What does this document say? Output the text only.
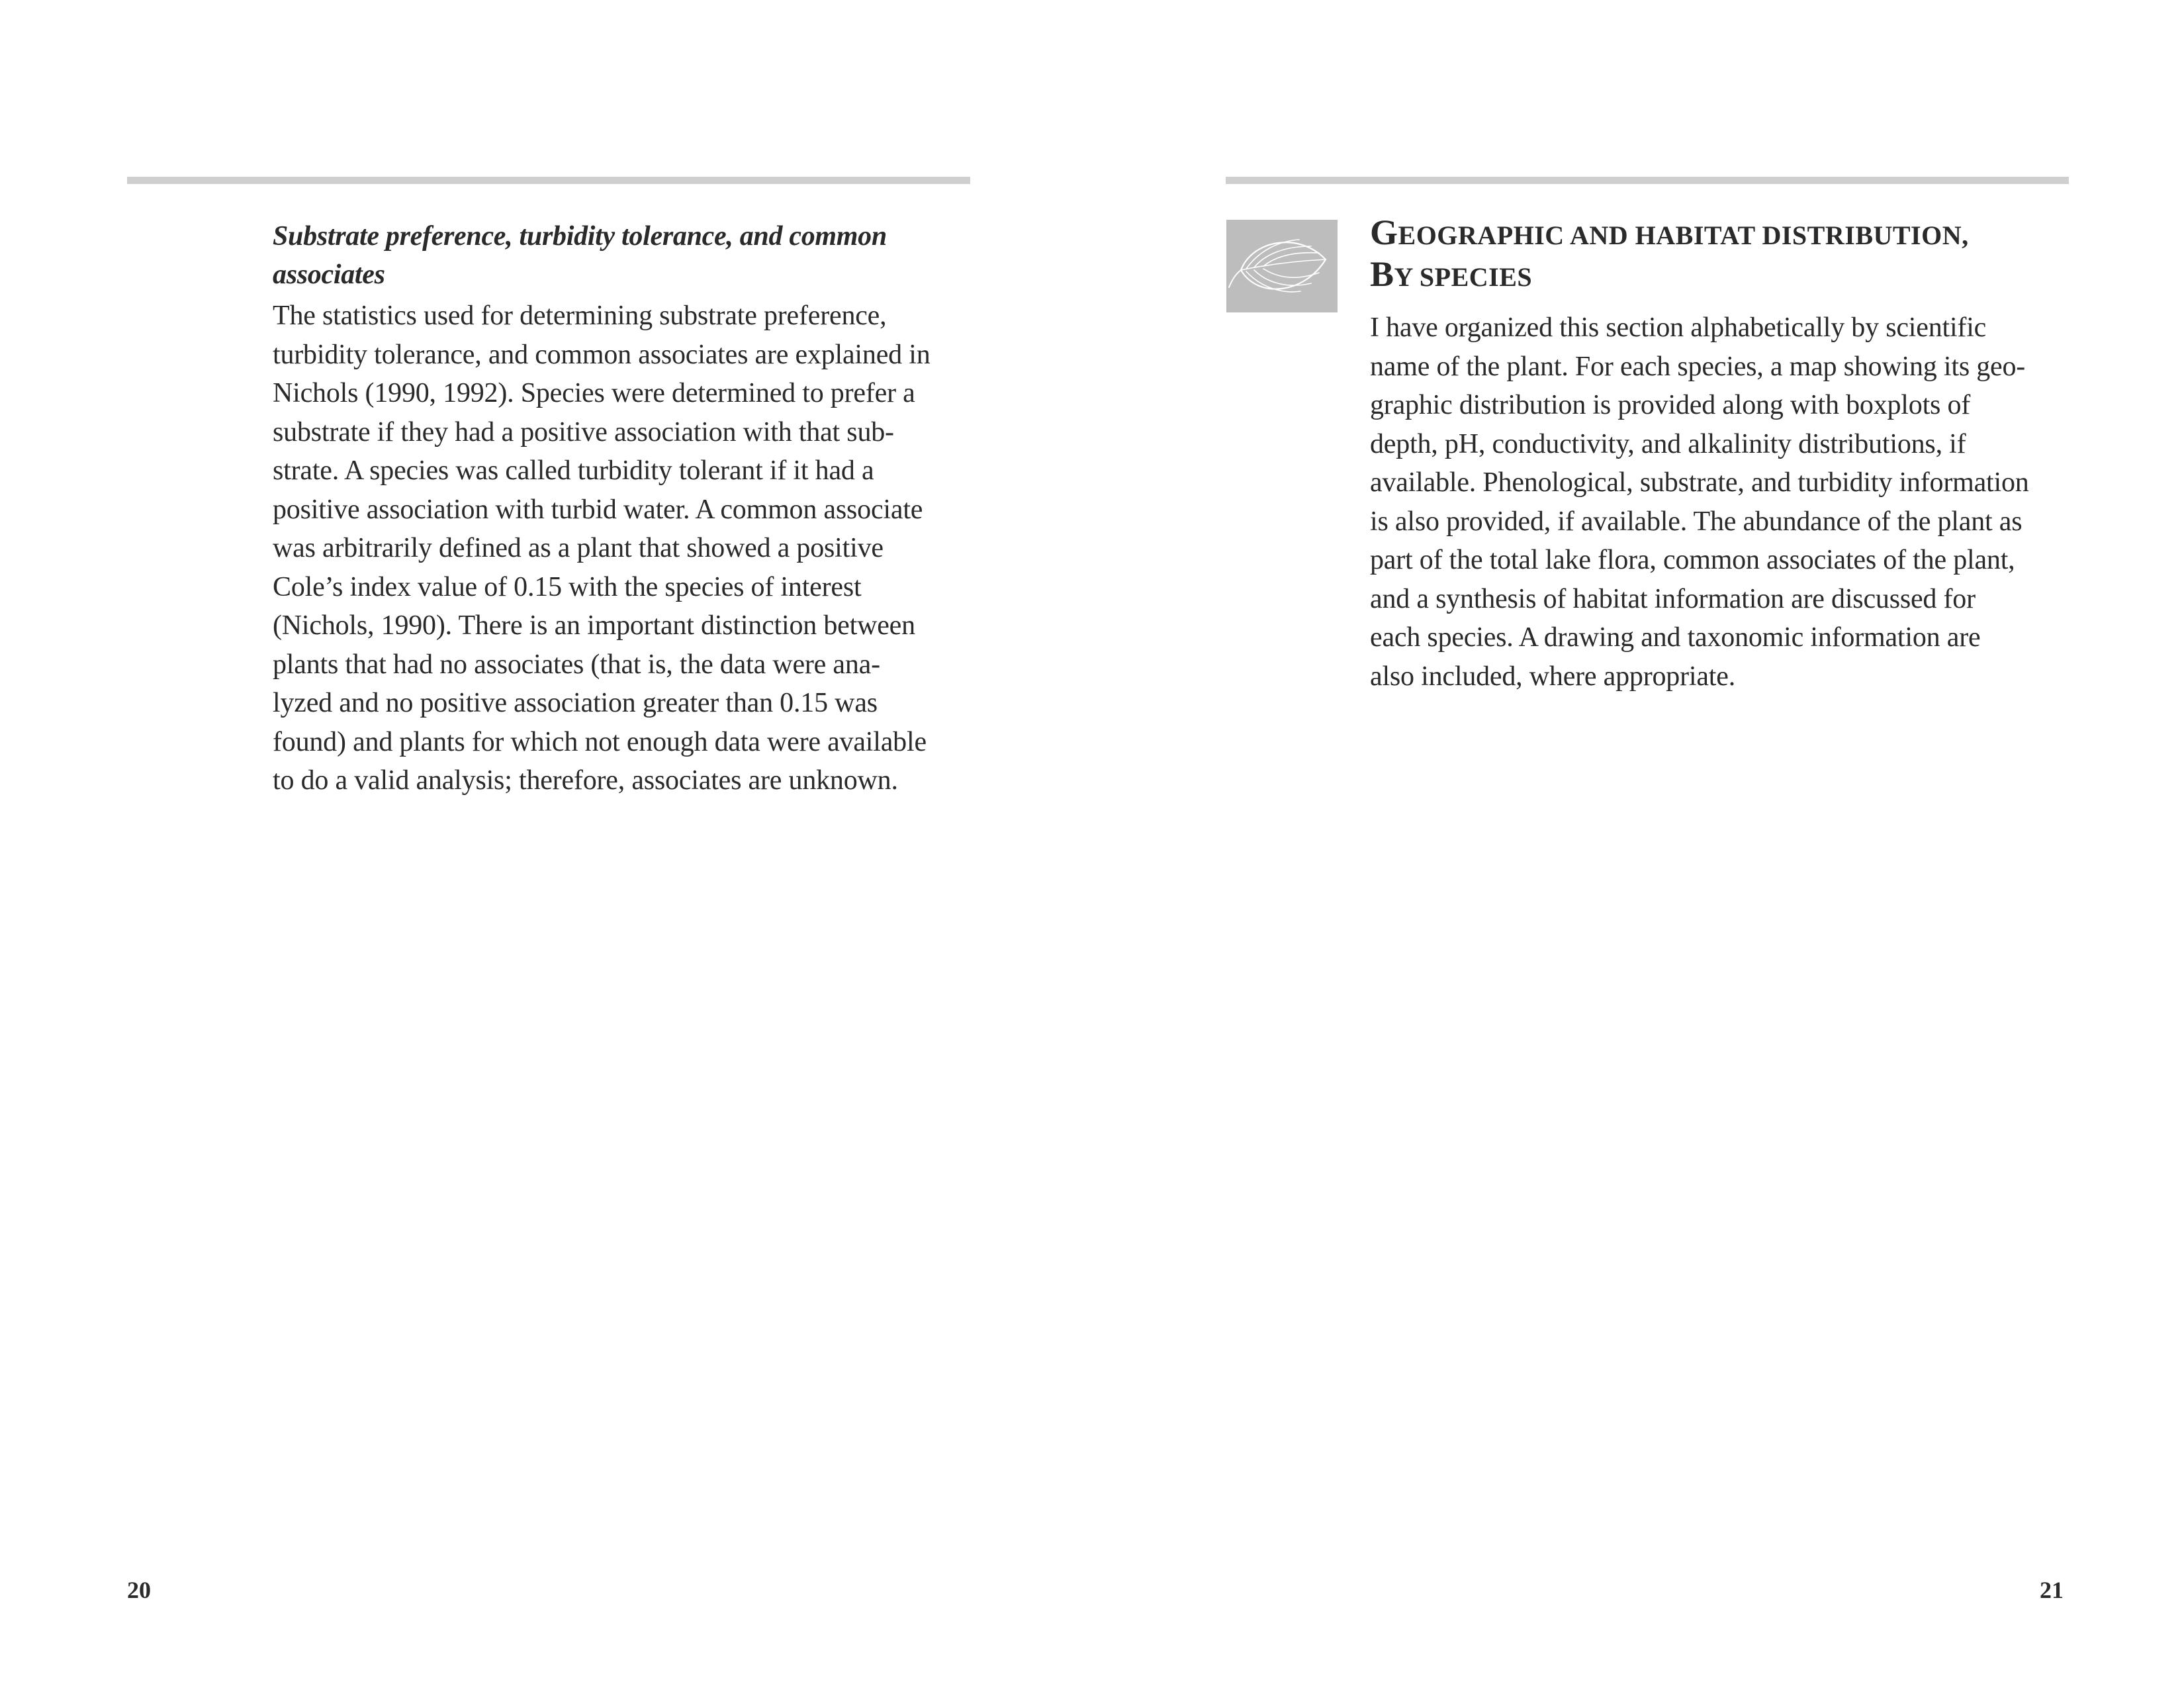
Substrate preference, turbidity tolerance, and common
associates

The statistics used for determining substrate preference,
turbidity tolerance, and common associates are explained in
Nichols (1990, 1992). Species were determined to prefer a
substrate if they had a positive association with that sub-
strate. A species was called turbidity tolerant if it had a
positive association with turbid water. A common associate
was arbitrarily defined as a plant that showed a positive
Cole’s index value of 0.15 with the species of interest
(Nichols, 1990). There is an important distinction between
plants that had no associates (that is, the data were ana-
lyzed and no positive association greater than 0.15 was
found) and plants for which not enough data were available
to do a valid analysis; therefore, associates are unknown.

20
GEOGRAPHIC AND HABITAT DISTRIBUTION,
BY SPECIES

I have organized this section alphabetically by scientific
name of the plant. For each species, a map showing its geo-
graphic distribution is provided along with boxplots of
depth, pH, conductivity, and alkalinity distributions, if
available. Phenological, substrate, and turbidity information
is also provided, if available. The abundance of the plant as
part of the total lake flora, common associates of the plant,
and a synthesis of habitat information are discussed for
each species. A drawing and taxonomic information are
also included, where appropriate.

21
